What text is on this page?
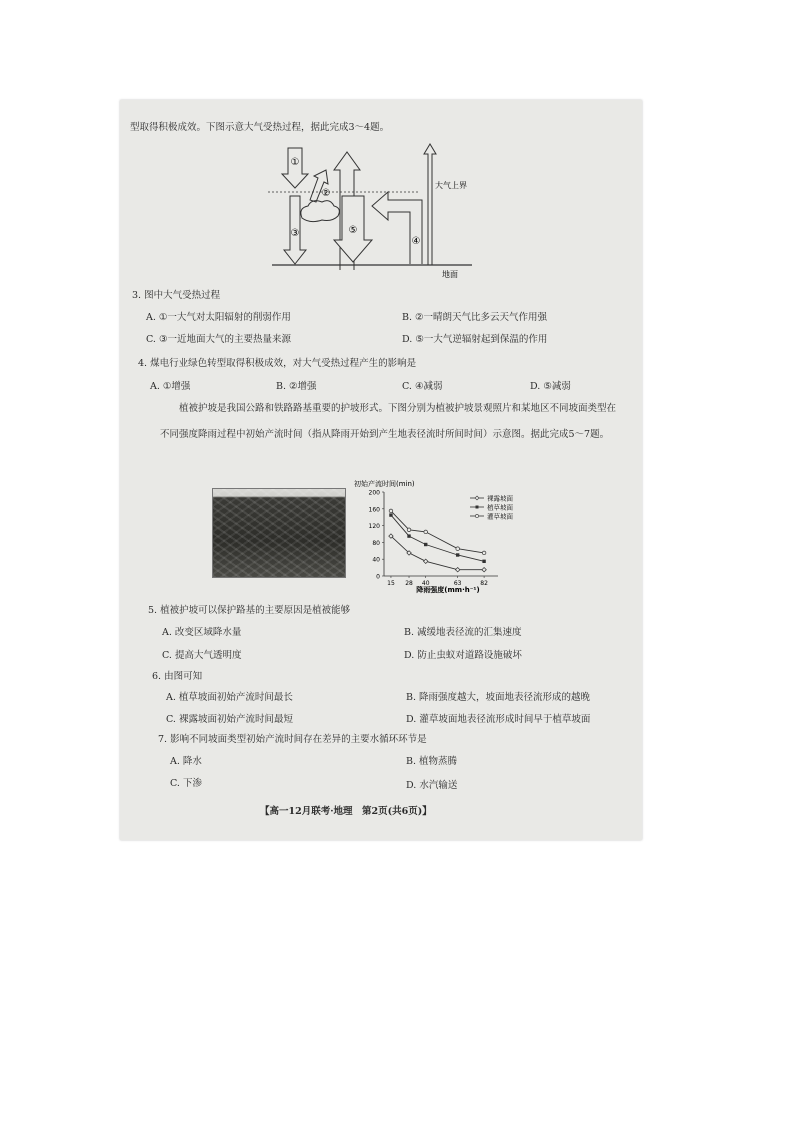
型取得积极成效。下图示意大气受热过程，据此完成3～4题。
①
②
③
④
⑤
大气上界
地面
3. 图中大气受热过程
A. ①一大气对太阳辐射的削弱作用	B. ②一晴朗天气比多云天气作用强
C. ③一近地面大气的主要热量来源	D. ⑤一大气逆辐射起到保温的作用
4. 煤电行业绿色转型取得积极成效，对大气受热过程产生的影响是
A. ①增强	B. ②增强	C. ④减弱	D. ⑤减弱
植被护坡是我国公路和铁路路基重要的护坡形式。下图分别为植被护坡景观照片和某地区不同坡面类型在不同强度降雨过程中初始产流时间（指从降雨开始到产生地表径流时所间时间）示意图。据此完成5～7题。
初始产流时间(min)
降雨强度(mm·h⁻¹)
0
40
80
120
160
200
15 28 40	63	82
裸露坡面
植草坡面
灌草坡面
5. 植被护坡可以保护路基的主要原因是植被能够
A. 改变区域降水量	B. 减缓地表径流的汇集速度
C. 提高大气透明度	D. 防止虫蚁对道路设施破坏
6. 由图可知
A. 植草坡面初始产流时间最长	B. 降雨强度越大，坡面地表径流形成的越晚
C. 裸露坡面初始产流时间最短	D. 灌草坡面地表径流形成时间早于植草坡面
7. 影响不同坡面类型初始产流时间存在差异的主要水循环环节是
A. 降水	B. 植物蒸腾
C. 下渗	D. 水汽输送
【高一12月联考·地理　第2页(共6页)】
